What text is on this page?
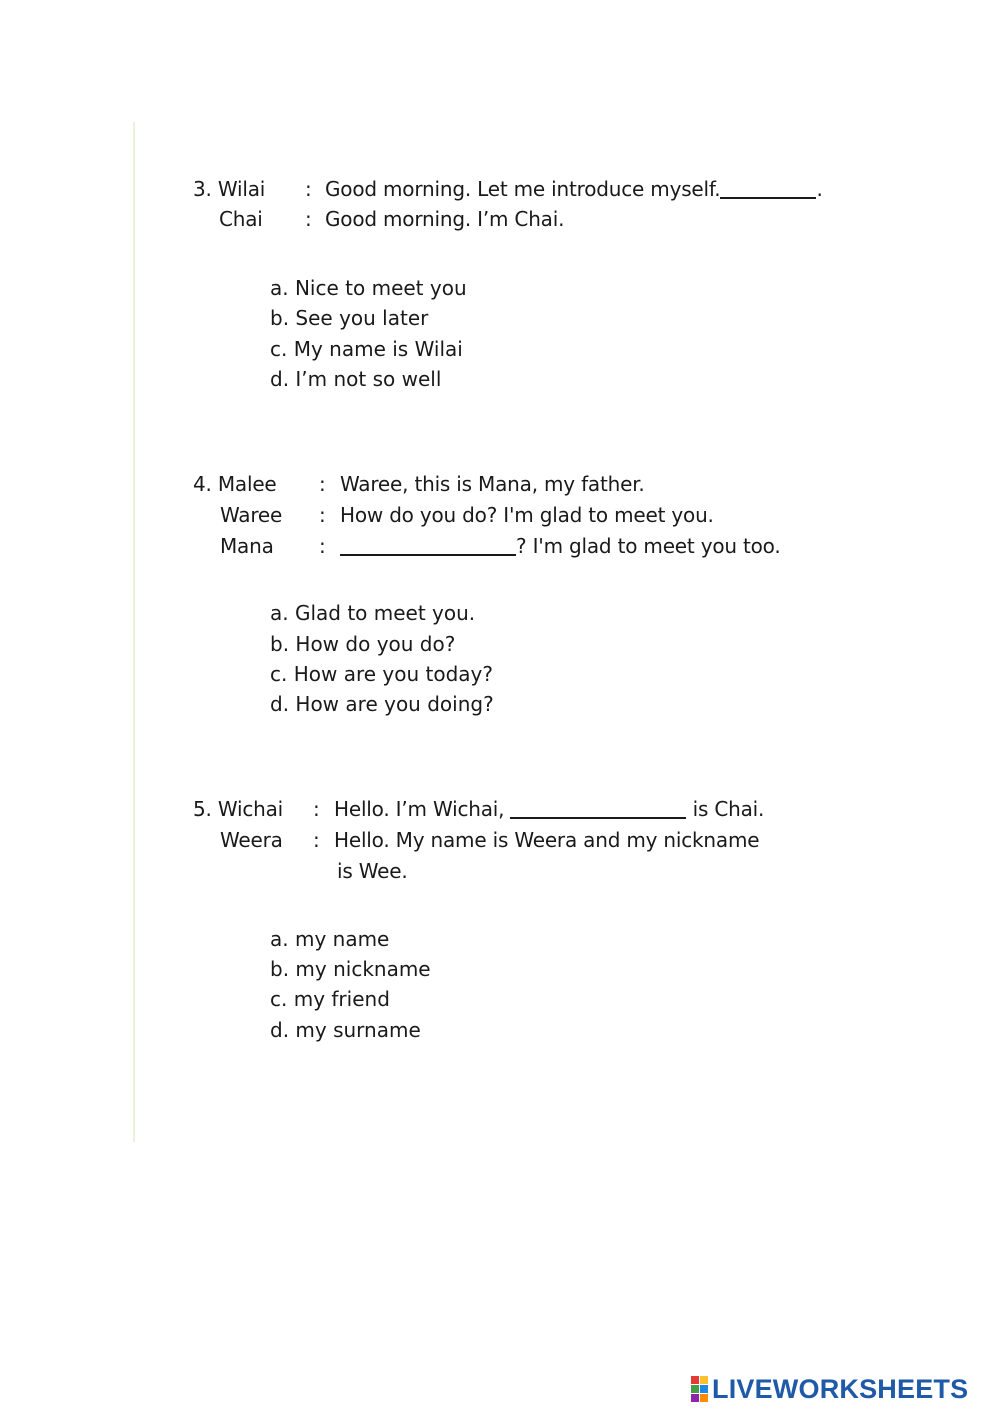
3. Wilai : Good morning. Let me introduce myself.	.
Chai : Good morning. I’m Chai.
a. Nice to meet you
b. See you later
c. My name is Wilai
d. I’m not so well
4. Malee : Waree, this is Mana, my father.
Waree : How do you do? I'm glad to meet you.
Mana :	? I'm glad to meet you too.
a. Glad to meet you.
b. How do you do?
c. How are you today?
d. How are you doing?
5. Wichai : Hello. I’m Wichai,	is Chai.
Weera : Hello. My name is Weera and my nickname
is Wee.
a. my name
b. my nickname
c. my friend
d. my surname
LIVEWORKSHEETS
